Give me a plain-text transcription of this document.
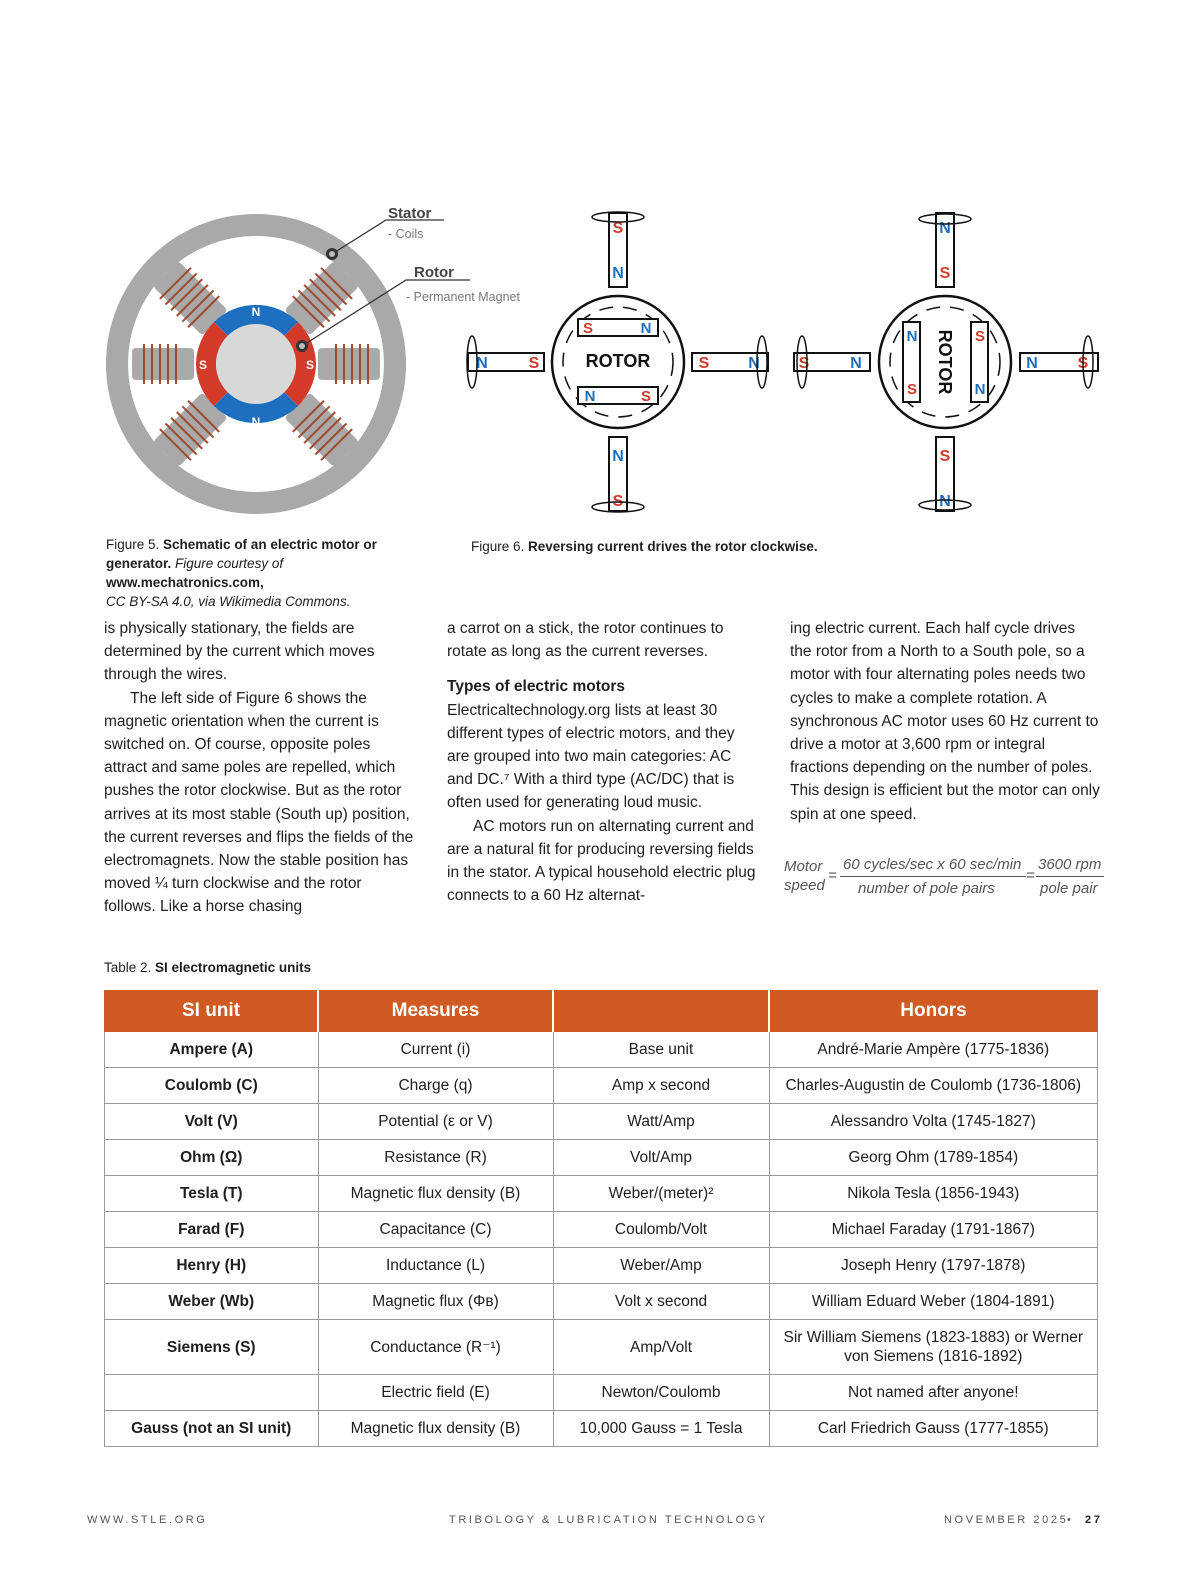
N
N
S	S
Stator
- Coils
Rotor
- Permanent Magnet
S
N
N
S
N	S	S N
S	N
ROTOR
N	S
N
S
S
N
S	N	N S
N
S ROTOR S
N
Figure 5. Schematic of an electric motor or generator. Figure courtesy of www.mechatronics.com,
CC BY-SA 4.0, via Wikimedia Commons.
Figure 6. Reversing current drives the rotor clockwise.

is physically stationary, the fields are determined by the current which moves through the wires.

The left side of Figure 6 shows the magnetic orientation when the current is switched on. Of course, opposite poles attract and same poles are repelled, which pushes the rotor clockwise. But as the rotor arrives at its most stable (South up) position, the current reverses and flips the fields of the electromagnets. Now the stable position has moved ¼ turn clockwise and the rotor follows. Like a horse chasing

a carrot on a stick, the rotor continues to rotate as long as the current reverses.

Types of electric motors

Electricaltechnology.org lists at least 30 different types of electric motors, and they are grouped into two main categories: AC and DC.⁷ With a third type (AC/DC) that is often used for generating loud music.

AC motors run on alternating current and are a natural fit for producing reversing fields in the stator. A typical household electric plug connects to a 60 Hz alternat-

ing electric current. Each half cycle drives the rotor from a North to a South pole, so a motor with four alternating poles needs two cycles to make a complete rotation. A synchronous AC motor uses 60 Hz current to drive a motor at 3,600 rpm or integral fractions depending on the number of poles. This design is efficient but the motor can only spin at one speed.

Motor
speed
=
60 cycles/sec x 60 sec/min
number of pole pairs
=
3600 rpm
pole pair
Table 2. SI electromagnetic units
SI unit	Measures		Honors
Ampere (A)	Current (i)	Base unit	André-Marie Ampère (1775-1836)
Coulomb (C)	Charge (q)	Amp x second	Charles-Augustin de Coulomb (1736-1806)
Volt (V)	Potential (ε or V)	Watt/Amp	Alessandro Volta (1745-1827)
Ohm (Ω)	Resistance (R)	Volt/Amp	Georg Ohm (1789-1854)
Tesla (T)	Magnetic flux density (B)	Weber/(meter)²	Nikola Tesla (1856-1943)
Farad (F)	Capacitance (C)	Coulomb/Volt	Michael Faraday (1791-1867)
Henry (H)	Inductance (L)	Weber/Amp	Joseph Henry (1797-1878)
Weber (Wb)	Magnetic flux (Φв)	Volt x second	William Eduard Weber (1804-1891)
Siemens (S)	Conductance (R⁻¹)	Amp/Volt	Sir William Siemens (1823-1883) or Werner von Siemens (1816-1892)
	Electric field (E)	Newton/Coulomb	Not named after anyone!
Gauss (not an SI unit)	Magnetic flux density (B)	10,000 Gauss = 1 Tesla	Carl Friedrich Gauss (1777-1855)
WWW.STLE.ORG	TRIBOLOGY & LUBRICATION TECHNOLOGY	NOVEMBER 2025
• 27
